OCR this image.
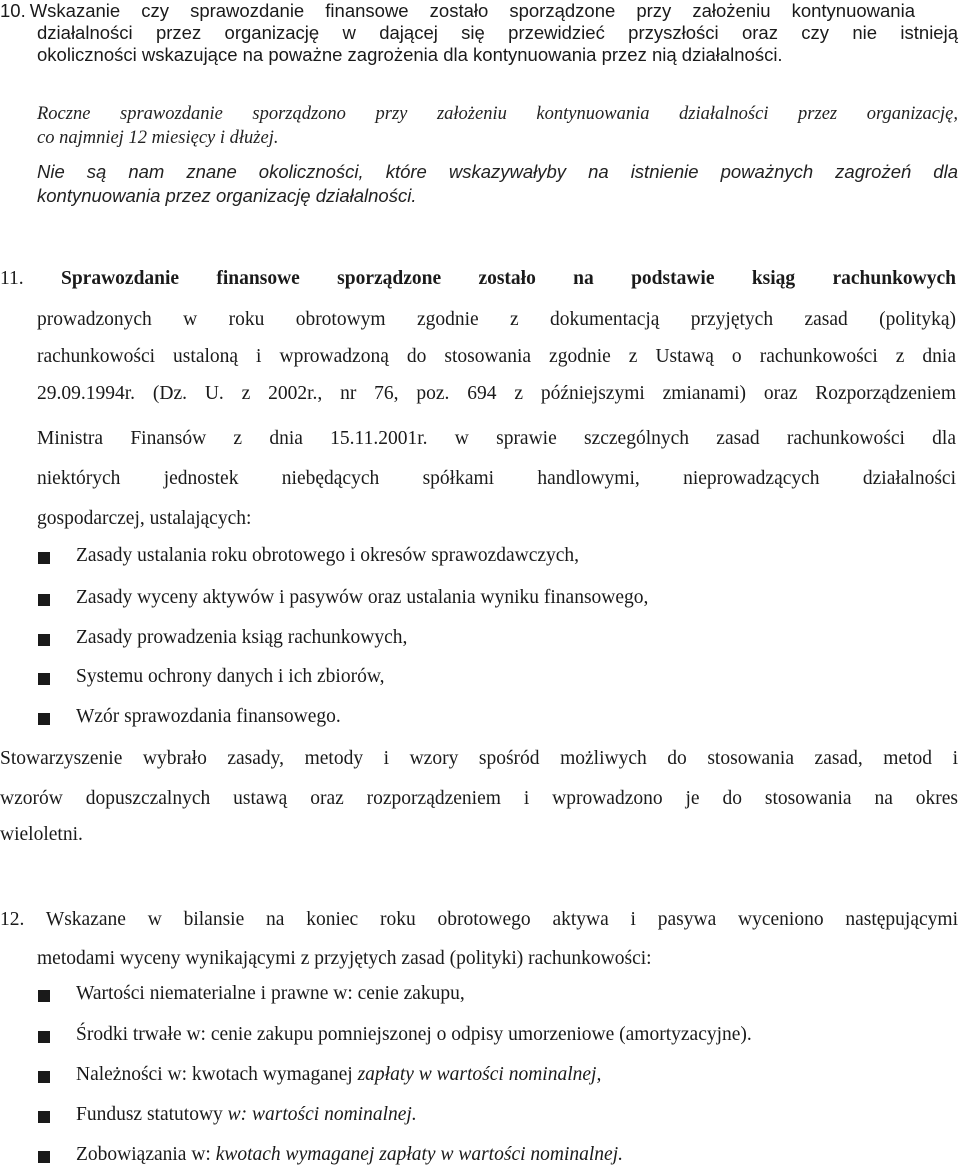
10. Wskazanie czy sprawozdanie finansowe zostało sporządzone przy założeniu kontynuowania
działalności przez organizację w dającej się przewidzieć przyszłości oraz czy nie istnieją
okoliczności wskazujące na poważne zagrożenia dla kontynuowania przez nią działalności.
Roczne sprawozdanie sporządzono przy założeniu kontynuowania działalności przez organizację,
co najmniej 12 miesięcy i dłużej.
Nie są nam znane okoliczności, które wskazywałyby na istnienie poważnych zagrożeń dla
kontynuowania przez organizację działalności.
11. Sprawozdanie finansowe sporządzone zostało na podstawie ksiąg rachunkowych
prowadzonych w roku obrotowym zgodnie z dokumentacją przyjętych zasad (polityką)
rachunkowości ustaloną i wprowadzoną do stosowania zgodnie z Ustawą o rachunkowości z dnia
29.09.1994r. (Dz. U. z 2002r., nr 76, poz. 694 z późniejszymi zmianami) oraz Rozporządzeniem
Ministra Finansów z dnia 15.11.2001r. w sprawie szczególnych zasad rachunkowości dla
niektórych jednostek niebędących spółkami handlowymi, nieprowadzących działalności
gospodarczej, ustalających:
Zasady ustalania roku obrotowego i okresów sprawozdawczych,
Zasady wyceny aktywów i pasywów oraz ustalania wyniku finansowego,
Zasady prowadzenia ksiąg rachunkowych,
Systemu ochrony danych i ich zbiorów,
Wzór sprawozdania finansowego.
Stowarzyszenie wybrało zasady, metody i wzory spośród możliwych do stosowania zasad, metod i
wzorów dopuszczalnych ustawą oraz rozporządzeniem i wprowadzono je do stosowania na okres
wieloletni.
12. Wskazane w bilansie na koniec roku obrotowego aktywa i pasywa wyceniono następującymi
metodami wyceny wynikającymi z przyjętych zasad (polityki) rachunkowości:
Wartości niematerialne i prawne w: cenie zakupu,
Środki trwałe w: cenie zakupu pomniejszonej o odpisy umorzeniowe (amortyzacyjne).
Należności w: kwotach wymaganej zapłaty w wartości nominalnej,
Fundusz statutowy w: wartości nominalnej.
Zobowiązania w: kwotach wymaganej zapłaty w wartości nominalnej.
